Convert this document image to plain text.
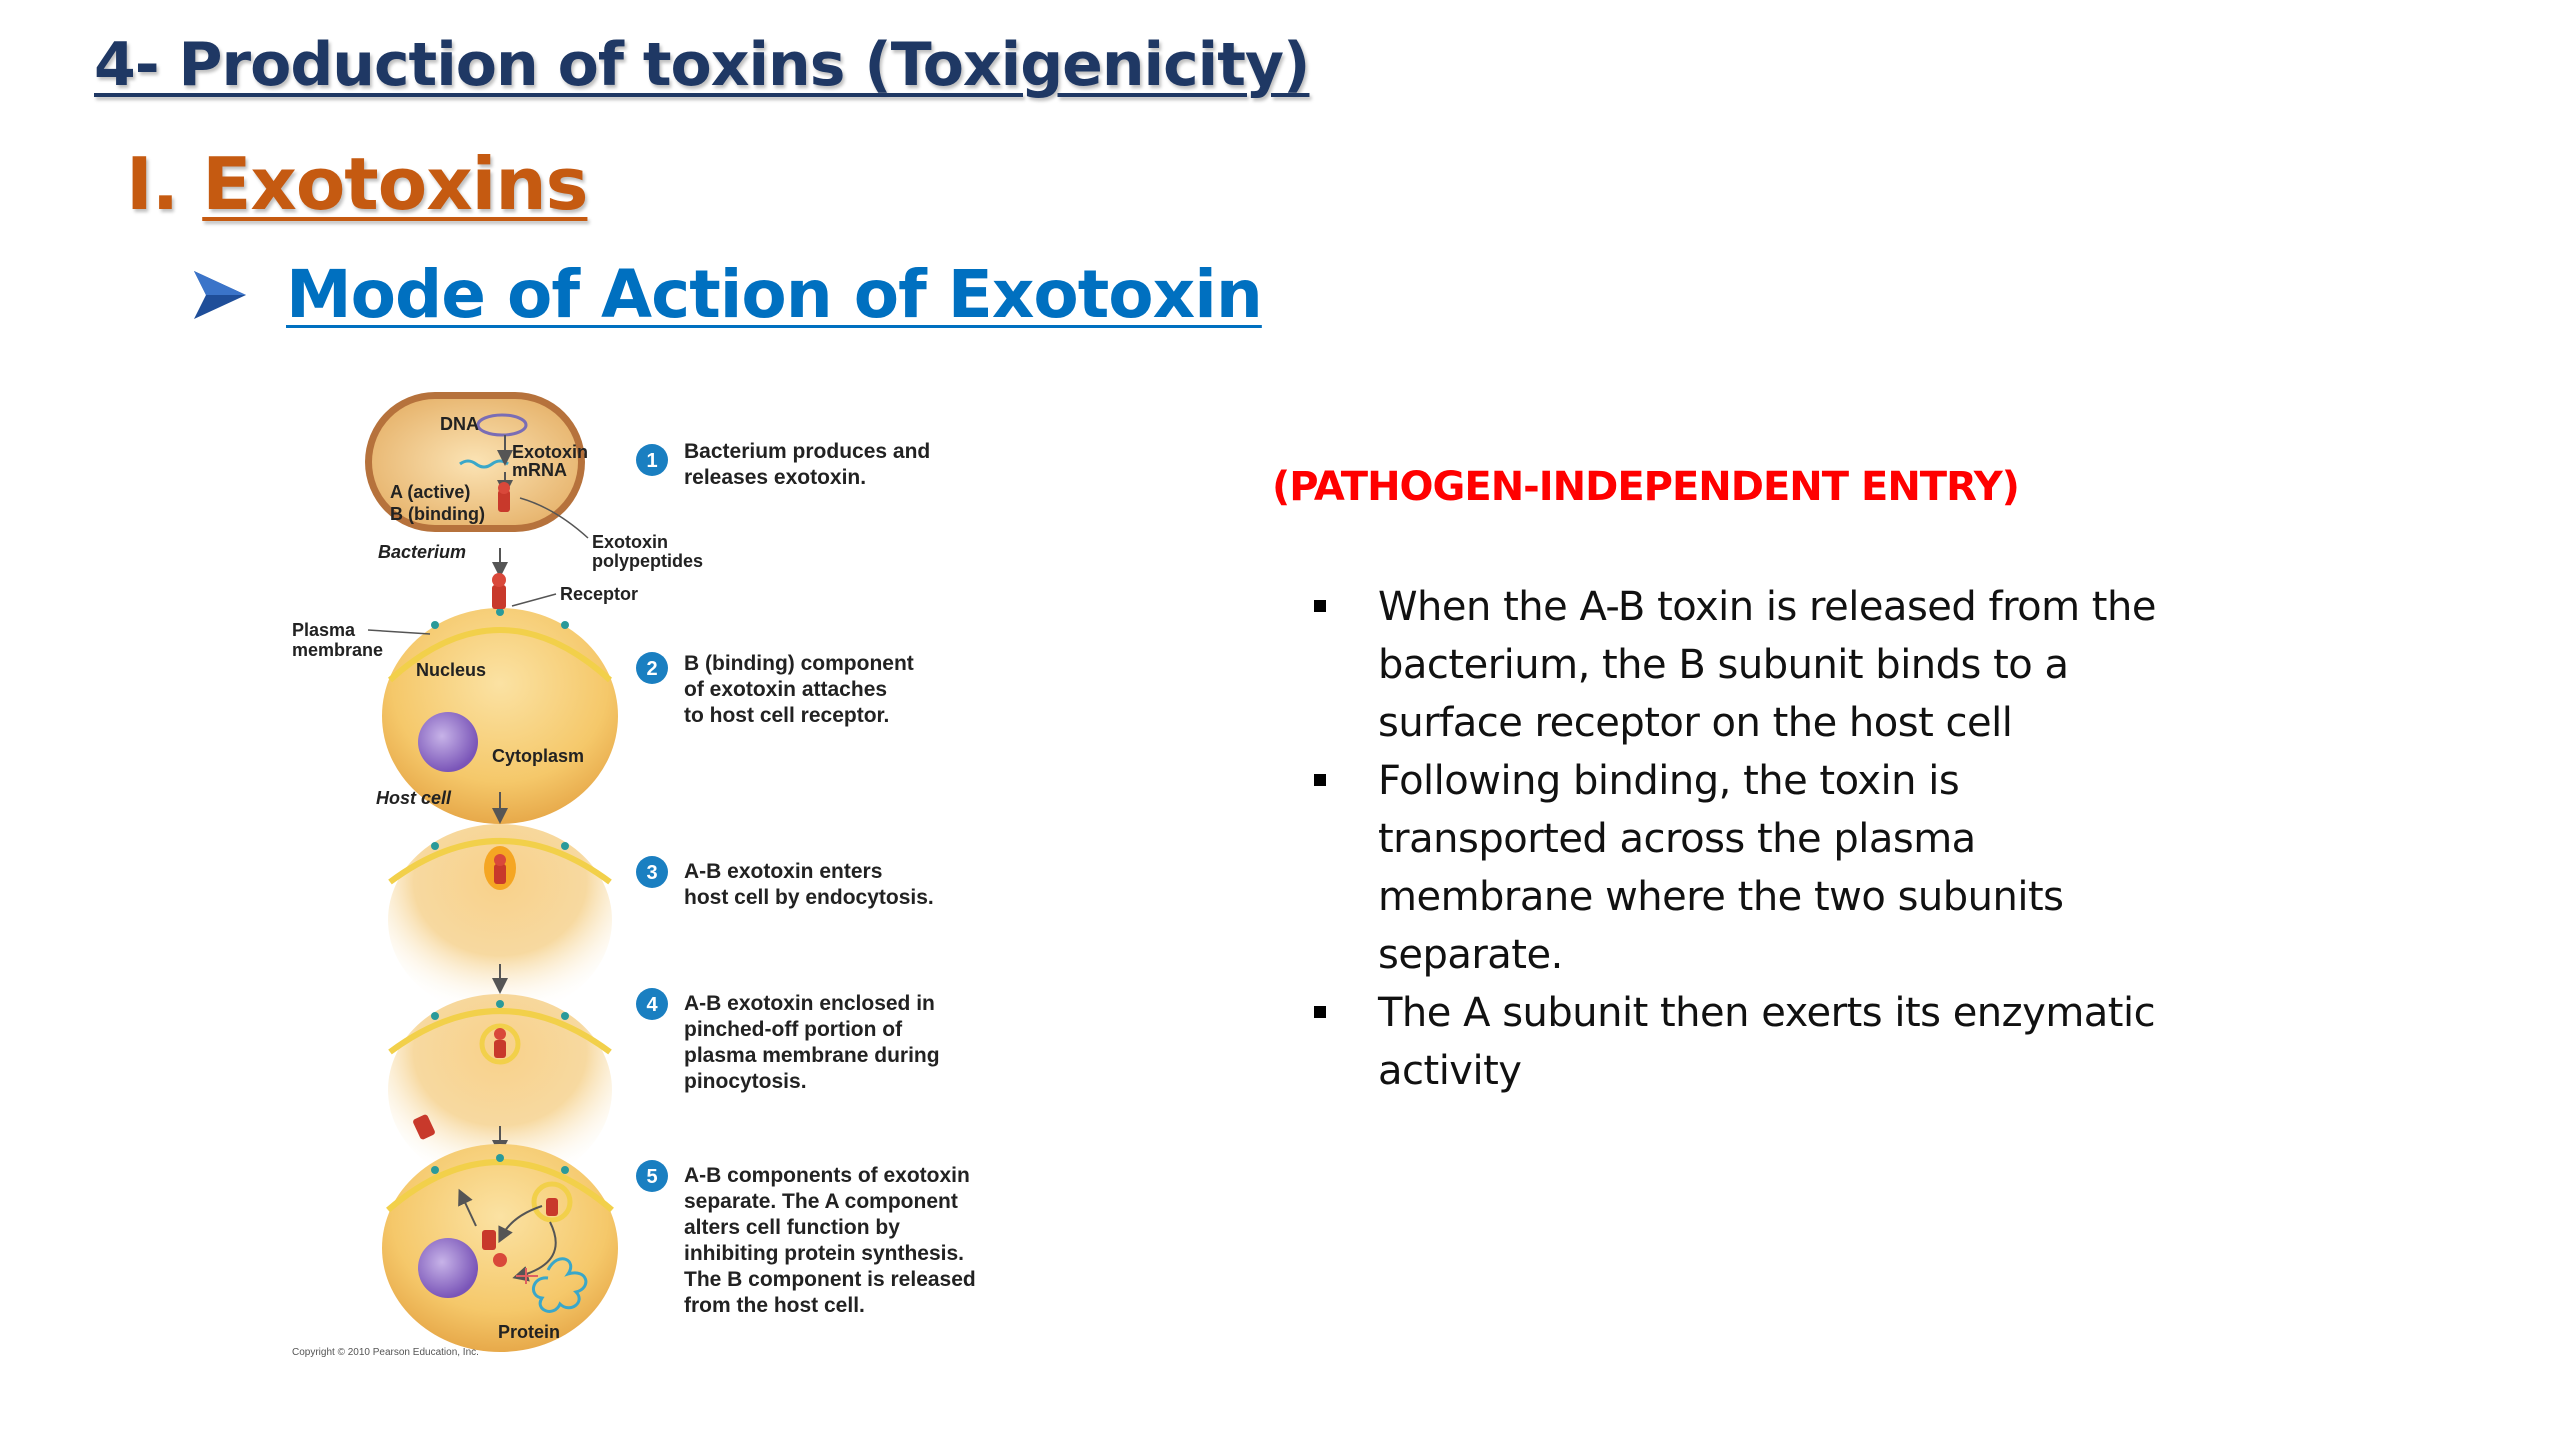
4- Production of toxins (Toxigenicity)
I. Exotoxins
Mode of Action of Exotoxin
DNA
Exotoxin
mRNA
A (active)
B (binding)
Exotoxin
polypeptides
Bacterium
Receptor
Plasma
membrane
Nucleus
Cytoplasm
Host cell
Protein
Copyright © 2010 Pearson Education, Inc.
1 Bacterium produces and
releases exotoxin.
2 B (binding) component
of exotoxin attaches
to host cell receptor.
3 A-B exotoxin enters
host cell by endocytosis.
4 A-B exotoxin enclosed in
pinched-off portion of
plasma membrane during
pinocytosis.
5 A-B components of exotoxin
separate. The A component
alters cell function by
inhibiting protein synthesis.
The B component is released
from the host cell.

(PATHOGEN-INDEPENDENT ENTRY)

When the A-B toxin is released from the
bacterium, the B subunit binds to a
surface receptor on the host cell
Following binding, the toxin is
transported across the plasma
membrane where the two subunits
separate.
The A subunit then exerts its enzymatic
activity
